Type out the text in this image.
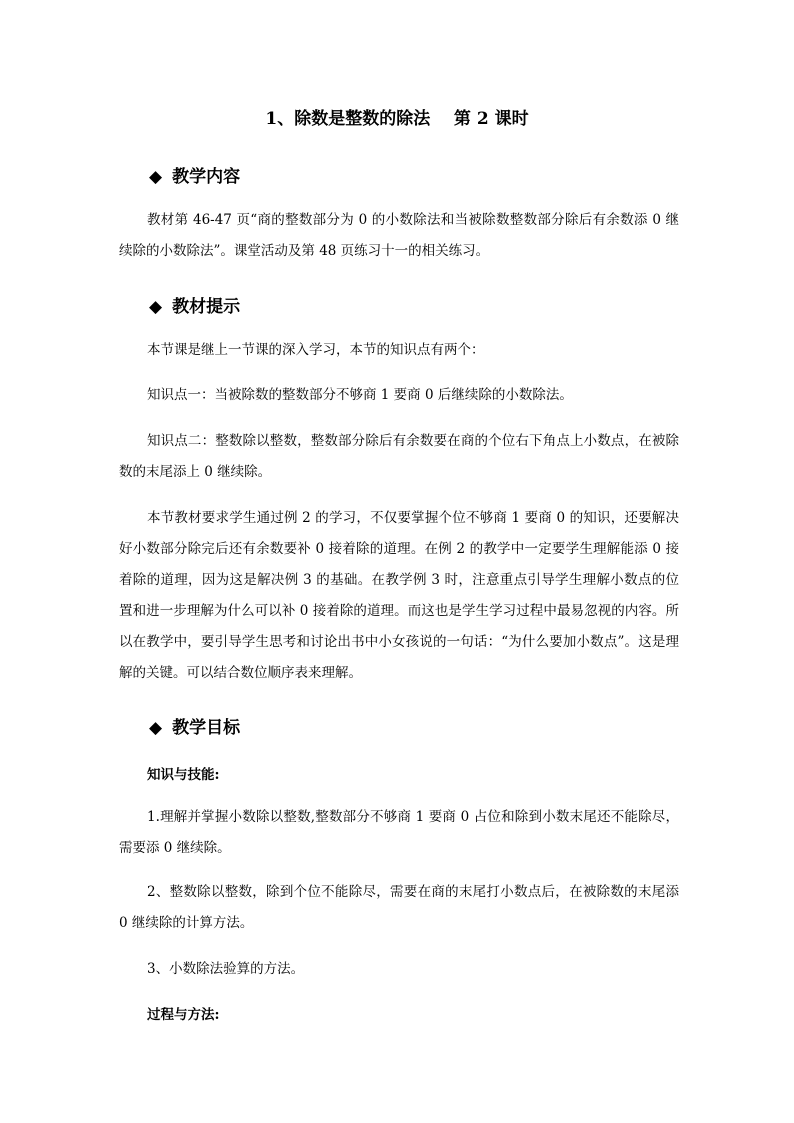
1、除数是整数的除法    第 2 课时
◆ 教学内容

教材第 46-47 页“商的整数部分为 0 的小数除法和当被除数整数部分除后有余数添 0 继续除的小数除法”。课堂活动及第 48 页练习十一的相关练习。

◆ 教材提示

本节课是继上一节课的深入学习，本节的知识点有两个：

知识点一：当被除数的整数部分不够商 1 要商 0 后继续除的小数除法。

知识点二：整数除以整数，整数部分除后有余数要在商的个位右下角点上小数点，在被除数的末尾添上 0 继续除。

本节教材要求学生通过例 2 的学习，不仅要掌握个位不够商 1 要商 0 的知识，还要解决好小数部分除完后还有余数要补 0 接着除的道理。在例 2 的教学中一定要学生理解能添 0 接着除的道理，因为这是解决例 3 的基础。在教学例 3 时，注意重点引导学生理解小数点的位置和进一步理解为什么可以补 0 接着除的道理。而这也是学生学习过程中最易忽视的内容。所以在教学中，要引导学生思考和讨论出书中小女孩说的一句话：“为什么要加小数点”。这是理解的关键。可以结合数位顺序表来理解。

◆ 教学目标
知识与技能:

1.理解并掌握小数除以整数,整数部分不够商 1 要商 0 占位和除到小数末尾还不能除尽，需要添 0 继续除。

2、整数除以整数，除到个位不能除尽，需要在商的末尾打小数点后，在被除数的末尾添 0 继续除的计算方法。

3、小数除法验算的方法。

过程与方法:
